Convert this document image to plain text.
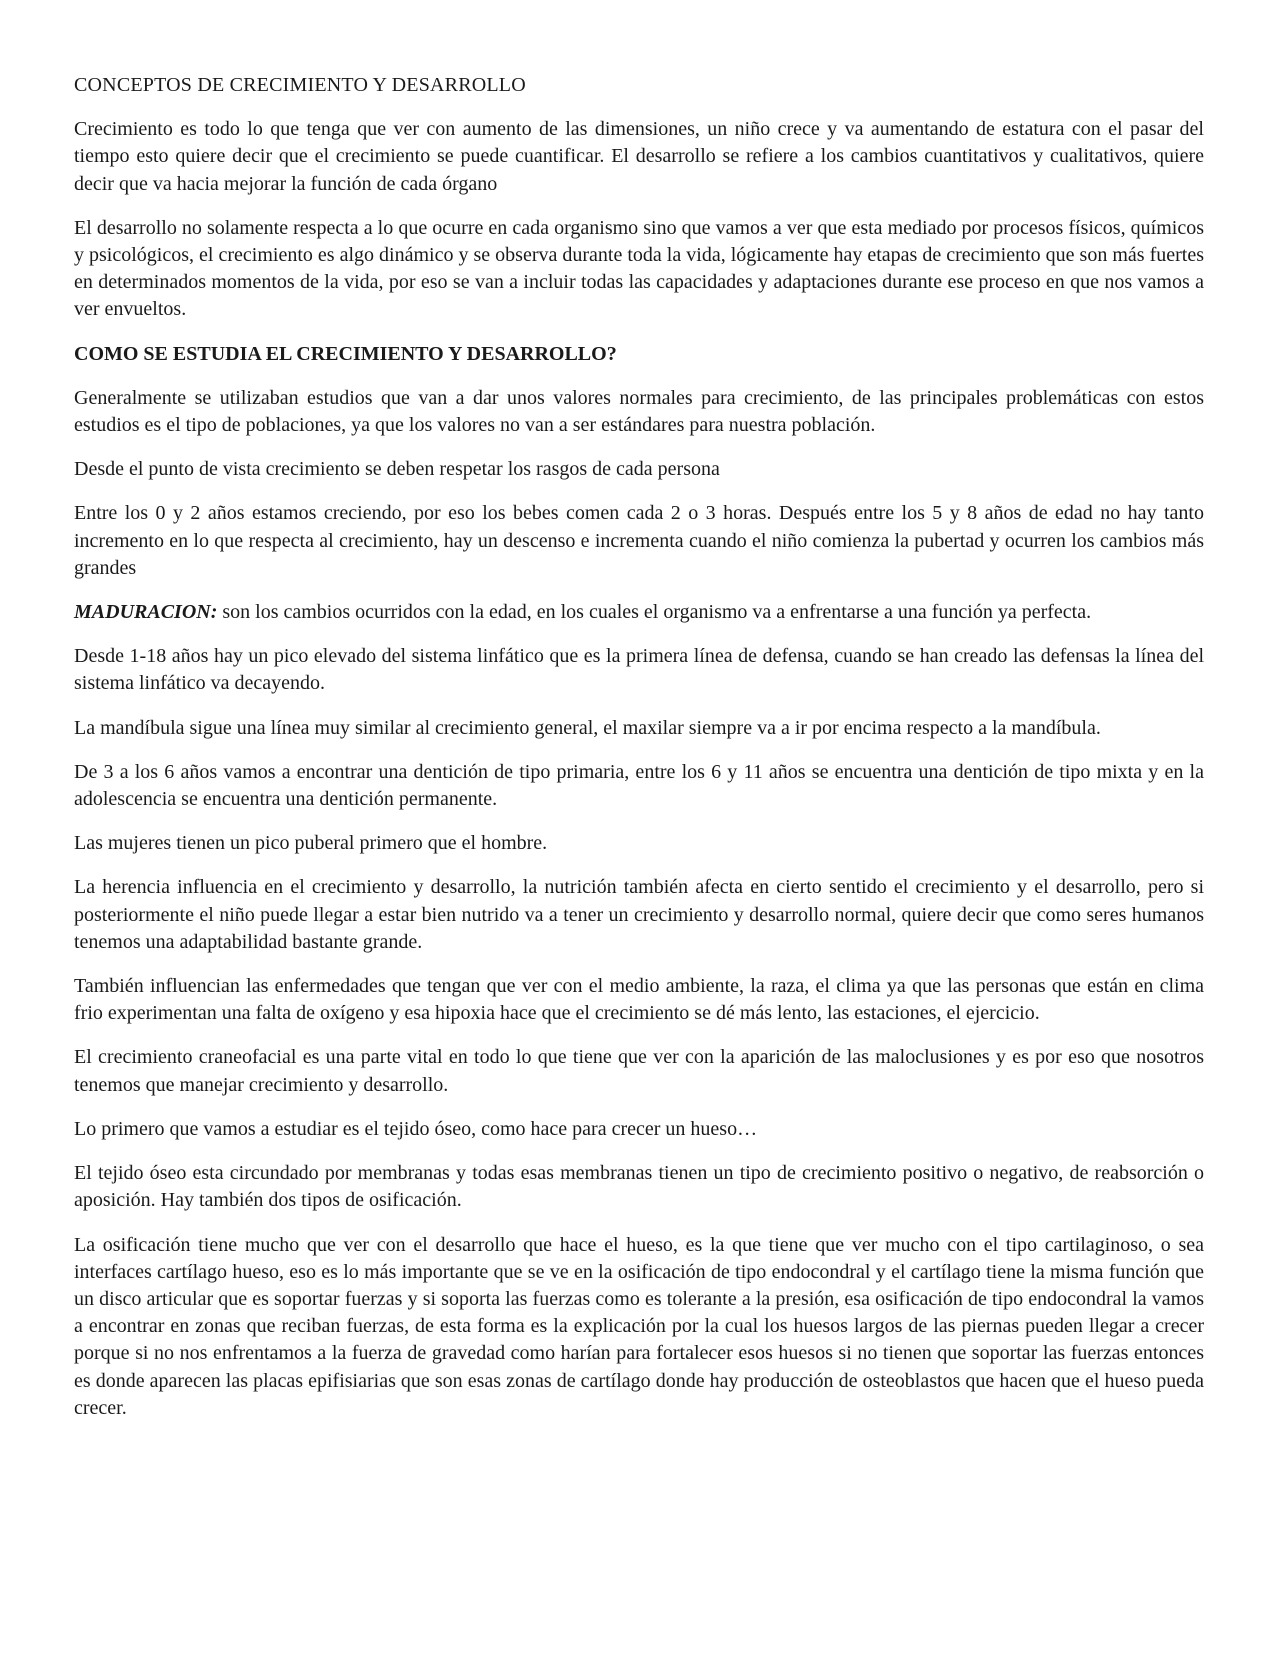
CONCEPTOS DE CRECIMIENTO Y DESARROLLO

Crecimiento es todo lo que tenga que ver con aumento de las dimensiones, un niño crece y va aumentando de estatura con el pasar del tiempo esto quiere decir que el crecimiento se puede cuantificar. El desarrollo se refiere a los cambios cuantitativos y cualitativos, quiere decir que va hacia mejorar la función de cada órgano

El desarrollo no solamente respecta a lo que ocurre en cada organismo sino que vamos a ver que esta mediado por procesos físicos, químicos y psicológicos, el crecimiento es algo dinámico y se observa durante toda la vida, lógicamente hay etapas de crecimiento que son más fuertes en determinados momentos de la vida, por eso se van a incluir todas las capacidades y adaptaciones durante ese proceso en que nos vamos a ver envueltos.

COMO SE ESTUDIA EL CRECIMIENTO Y DESARROLLO?

Generalmente se utilizaban estudios que van a dar unos valores normales para crecimiento, de las principales problemáticas con estos estudios es el tipo de poblaciones, ya que los valores no van a ser estándares para nuestra población.

Desde el punto de vista crecimiento se deben respetar los rasgos de cada persona

Entre los 0 y 2 años estamos creciendo, por eso los bebes comen cada 2 o 3 horas. Después entre los 5 y 8 años de edad no hay tanto incremento en lo que respecta al crecimiento, hay un descenso e incrementa cuando el niño comienza la pubertad y ocurren los cambios más grandes

MADURACION: son los cambios ocurridos con la edad, en los cuales el organismo va a enfrentarse a una función ya perfecta.

Desde 1-18 años hay un pico elevado del sistema linfático que es la primera línea de defensa, cuando se han creado las defensas la línea del sistema linfático va decayendo.

La mandíbula sigue una línea muy similar al crecimiento general, el maxilar siempre va a ir por encima respecto a la mandíbula.

De 3 a los 6 años vamos a encontrar una dentición de tipo primaria, entre los 6 y 11 años se encuentra una dentición de tipo mixta y en la adolescencia se encuentra una dentición permanente.

Las mujeres tienen un pico puberal primero que el hombre.

La herencia influencia en el crecimiento y desarrollo, la nutrición también afecta en cierto sentido el crecimiento y el desarrollo, pero si posteriormente el niño puede llegar a estar bien nutrido va a tener un crecimiento y desarrollo normal, quiere decir que como seres humanos tenemos una adaptabilidad bastante grande.

También influencian las enfermedades que tengan que ver con el medio ambiente, la raza, el clima ya que las personas que están en clima frio experimentan una falta de oxígeno y esa hipoxia hace que el crecimiento se dé más lento, las estaciones, el ejercicio.

El crecimiento craneofacial es una parte vital en todo lo que tiene que ver con la aparición de las maloclusiones y es por eso que nosotros tenemos que manejar crecimiento y desarrollo.

Lo primero que vamos a estudiar es el tejido óseo, como hace para crecer un hueso…

El tejido óseo esta circundado por membranas y todas esas membranas tienen un tipo de crecimiento positivo o negativo, de reabsorción o aposición. Hay también dos tipos de osificación.

La osificación tiene mucho que ver con el desarrollo que hace el hueso, es la que tiene que ver mucho con el tipo cartilaginoso, o sea interfaces cartílago hueso, eso es lo más importante que se ve en la osificación de tipo endocondral y el cartílago tiene la misma función que un disco articular que es soportar fuerzas y si soporta las fuerzas como es tolerante a la presión, esa osificación de tipo endocondral la vamos a encontrar en zonas que reciban fuerzas, de esta forma es la explicación por la cual los huesos largos de las piernas pueden llegar a crecer porque si no nos enfrentamos a la fuerza de gravedad como harían para fortalecer esos huesos si no tienen que soportar las fuerzas entonces es donde aparecen las placas epifisiarias que son esas zonas de cartílago donde hay producción de osteoblastos que hacen que el hueso pueda crecer.
